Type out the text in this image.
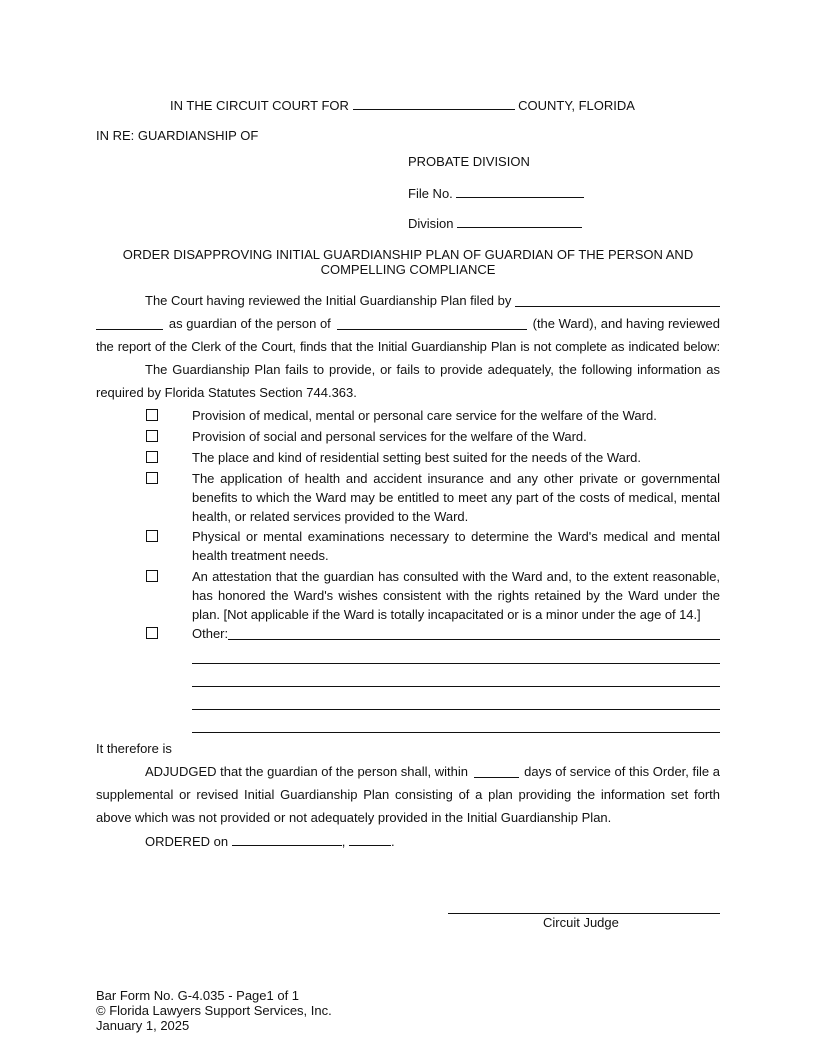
IN THE CIRCUIT COURT FOR	COUNTY, FLORIDA
IN RE: GUARDIANSHIP OF
PROBATE DIVISION
File No.
Division
ORDER DISAPPROVING INITIAL GUARDIANSHIP PLAN OF GUARDIAN OF THE PERSON AND
COMPELLING COMPLIANCE
The Court having reviewed the Initial Guardianship Plan filed by
as guardian of the person of	(the Ward), and having reviewed
the report of the Clerk of the Court, finds that the Initial Guardianship Plan is not complete as indicated below:
The Guardianship Plan fails to provide, or fails to provide adequately, the following information as
required by Florida Statutes Section 744.363.
Provision of medical, mental or personal care service for the welfare of the Ward.
Provision of social and personal services for the welfare of the Ward.
The place and kind of residential setting best suited for the needs of the Ward.
The application of health and accident insurance and any other private or governmental benefits to which the Ward may be entitled to meet any part of the costs of medical, mental health, or related services provided to the Ward.
Physical or mental examinations necessary to determine the Ward's medical and mental health treatment needs.
An attestation that the guardian has consulted with the Ward and, to the extent reasonable, has honored the Ward's wishes consistent with the rights retained by the Ward under the plan. [Not applicable if the Ward is totally incapacitated or is a minor under the age of 14.]
Other:
It therefore is
ADJUDGED that the guardian of the person shall, within	days of service of this Order, file a
supplemental or revised Initial Guardianship Plan consisting of a plan providing the information set forth
above which was not provided or not adequately provided in the Initial Guardianship Plan.
ORDERED on	,	.
Circuit Judge
Bar Form No. G-4.035 - Page1 of 1
© Florida Lawyers Support Services, Inc.
January 1, 2025
